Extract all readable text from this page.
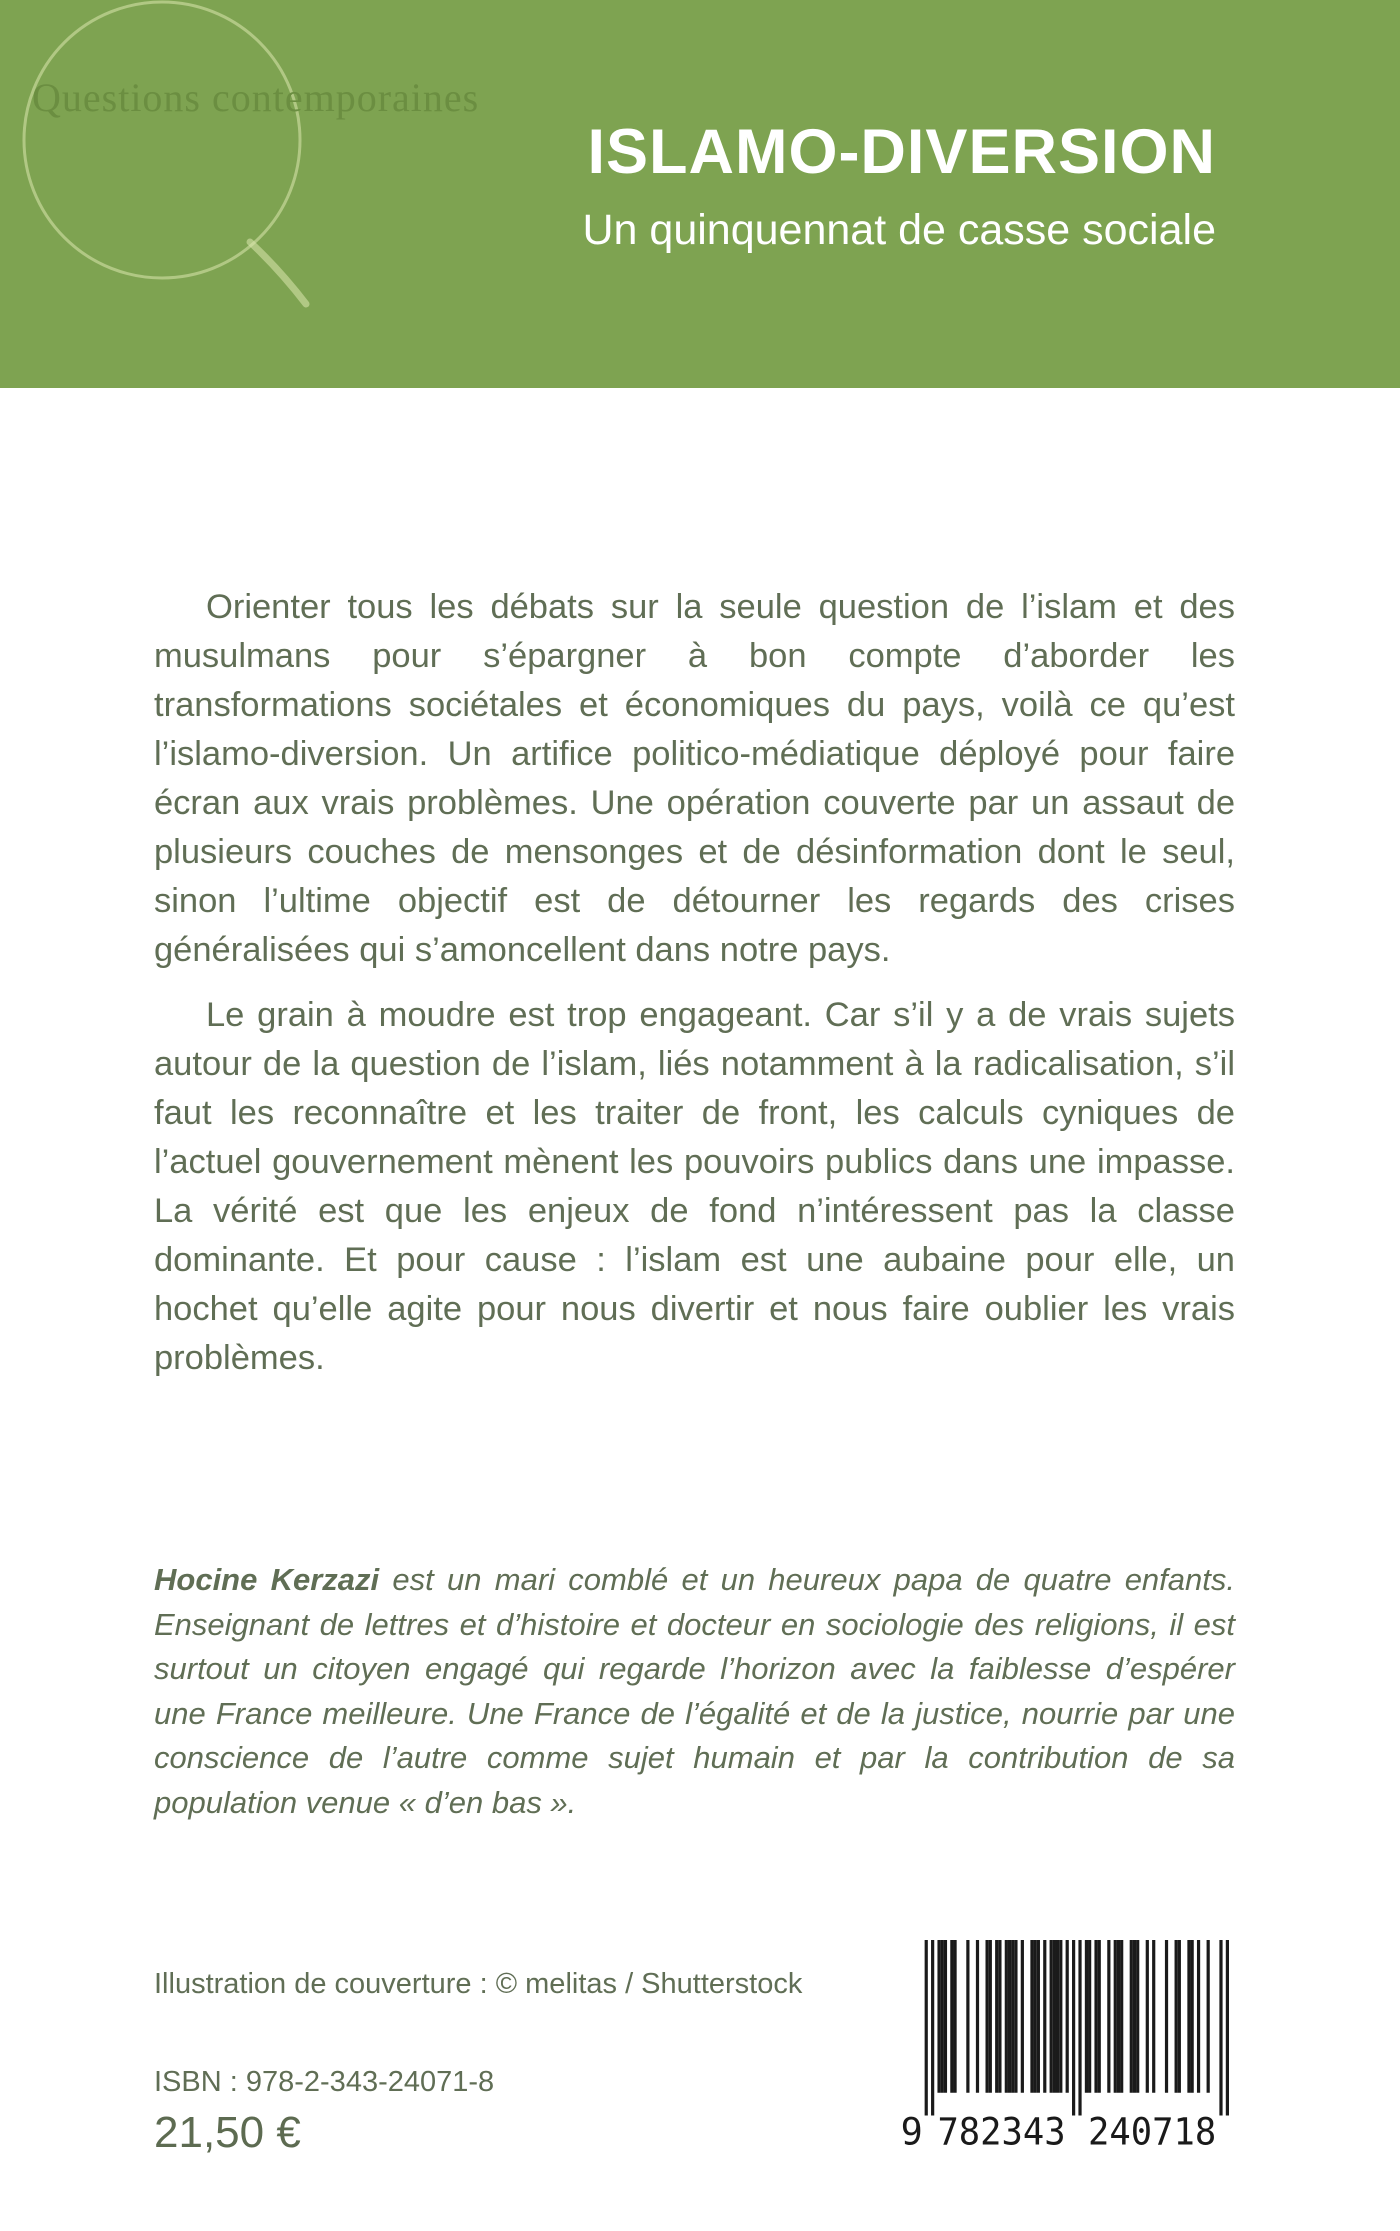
Questions contemporaines
ISLAMO-DIVERSION
Un quinquennat de casse sociale

Orienter tous les débats sur la seule question de l’islam et des musulmans pour s’épargner à bon compte d’aborder les transformations sociétales et économiques du pays, voilà ce qu’est l’islamo-diversion. Un artifice politico-médiatique déployé pour faire écran aux vrais problèmes. Une opération couverte par un assaut de plusieurs couches de mensonges et de désinformation dont le seul, sinon l’ultime objectif est de détourner les regards des crises généralisées qui s’amoncellent dans notre pays.

Le grain à moudre est trop engageant. Car s’il y a de vrais sujets autour de la question de l’islam, liés notamment à la radicalisation, s’il faut les reconnaître et les traiter de front, les calculs cyniques de l’actuel gouvernement mènent les pouvoirs publics dans une impasse. La vérité est que les enjeux de fond n’intéressent pas la classe dominante. Et pour cause : l’islam est une aubaine pour elle, un hochet qu’elle agite pour nous divertir et nous faire oublier les vrais problèmes.

Hocine Kerzazi est un mari comblé et un heureux papa de quatre enfants. Enseignant de lettres et d’histoire et docteur en sociologie des religions, il est surtout un citoyen engagé qui regarde l’horizon avec la faiblesse d’espérer une France meilleure. Une France de l’égalité et de la justice, nourrie par une conscience de l’autre comme sujet humain et par la contribution de sa population venue « d’en bas ».

Illustration de couverture : © melitas / Shutterstock

ISBN : 978-2-343-24071-8

21,50 €	9 782343 240718
